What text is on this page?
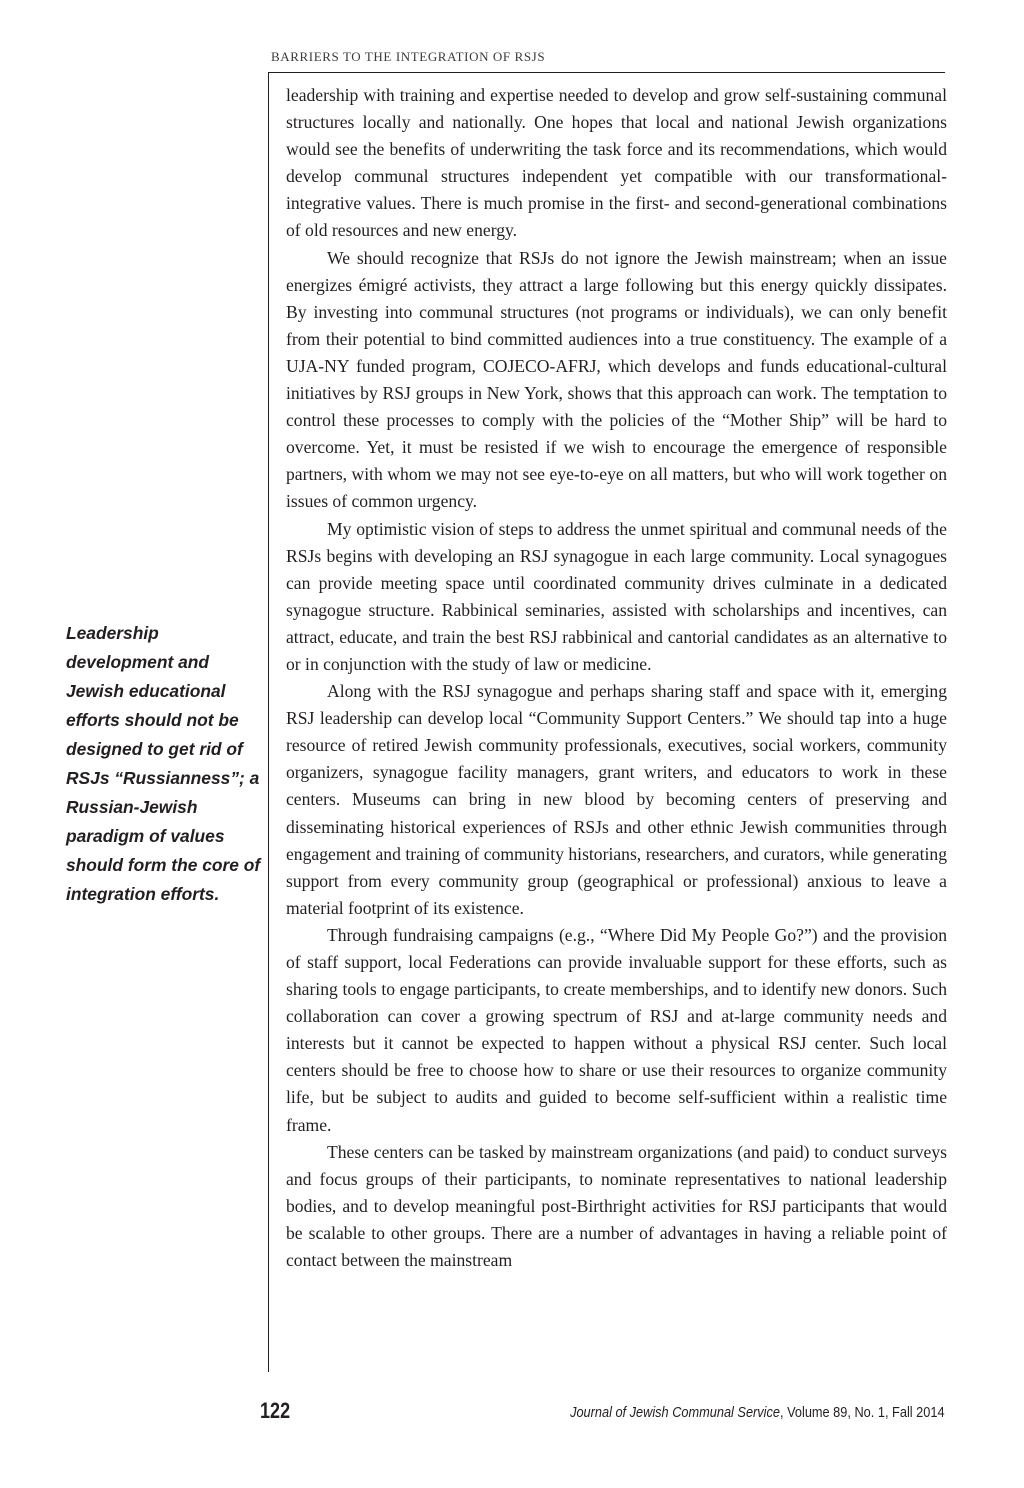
BARRIERS TO THE INTEGRATION OF RSJS

leadership with training and expertise needed to develop and grow self-sustaining communal structures locally and nationally. One hopes that local and national Jewish organizations would see the benefits of underwriting the task force and its recommendations, which would develop communal structures independent yet compatible with our transformational-integrative values. There is much promise in the first- and second-generational combinations of old resources and new energy.

We should recognize that RSJs do not ignore the Jewish mainstream; when an issue energizes émigré activists, they attract a large following but this energy quickly dissipates. By investing into communal structures (not programs or individuals), we can only benefit from their potential to bind committed audiences into a true constituency. The example of a UJA-NY funded program, COJECO-AFRJ, which develops and funds educational-cultural initiatives by RSJ groups in New York, shows that this approach can work. The temptation to control these processes to comply with the policies of the “Mother Ship” will be hard to overcome. Yet, it must be resisted if we wish to encourage the emergence of responsible partners, with whom we may not see eye-to-eye on all matters, but who will work together on issues of common urgency.

My optimistic vision of steps to address the unmet spiritual and communal needs of the RSJs begins with developing an RSJ synagogue in each large community. Local synagogues can provide meeting space until coordinated community drives culminate in a dedicated synagogue structure. Rabbinical seminaries, assisted with scholarships and incentives, can attract, educate, and train the best RSJ rabbinical and cantorial candidates as an alternative to or in conjunction with the study of law or medicine.

Along with the RSJ synagogue and perhaps sharing staff and space with it, emerging RSJ leadership can develop local “Community Support Centers.” We should tap into a huge resource of retired Jewish community professionals, executives, social workers, community organizers, synagogue facility managers, grant writers, and educators to work in these centers. Museums can bring in new blood by becoming centers of preserving and disseminating historical experiences of RSJs and other ethnic Jewish communities through engagement and training of community historians, researchers, and curators, while generating support from every community group (geographical or professional) anxious to leave a material footprint of its existence.

Through fundraising campaigns (e.g., “Where Did My People Go?”) and the provision of staff support, local Federations can provide invaluable support for these efforts, such as sharing tools to engage participants, to create memberships, and to identify new donors. Such collaboration can cover a growing spectrum of RSJ and at-large community needs and interests but it cannot be expected to happen without a physical RSJ center. Such local centers should be free to choose how to share or use their resources to organize community life, but be subject to audits and guided to become self-sufficient within a realistic time frame.

These centers can be tasked by mainstream organizations (and paid) to conduct surveys and focus groups of their participants, to nominate representatives to national leadership bodies, and to develop meaningful post-Birthright activities for RSJ participants that would be scalable to other groups. There are a number of advantages in having a reliable point of contact between the mainstream

Leadership development and Jewish educational efforts should not be designed to get rid of RSJs “Russianness”; a Russian-Jewish paradigm of values should form the core of integration efforts.
122	Journal of Jewish Communal Service, Volume 89, No. 1, Fall 2014
